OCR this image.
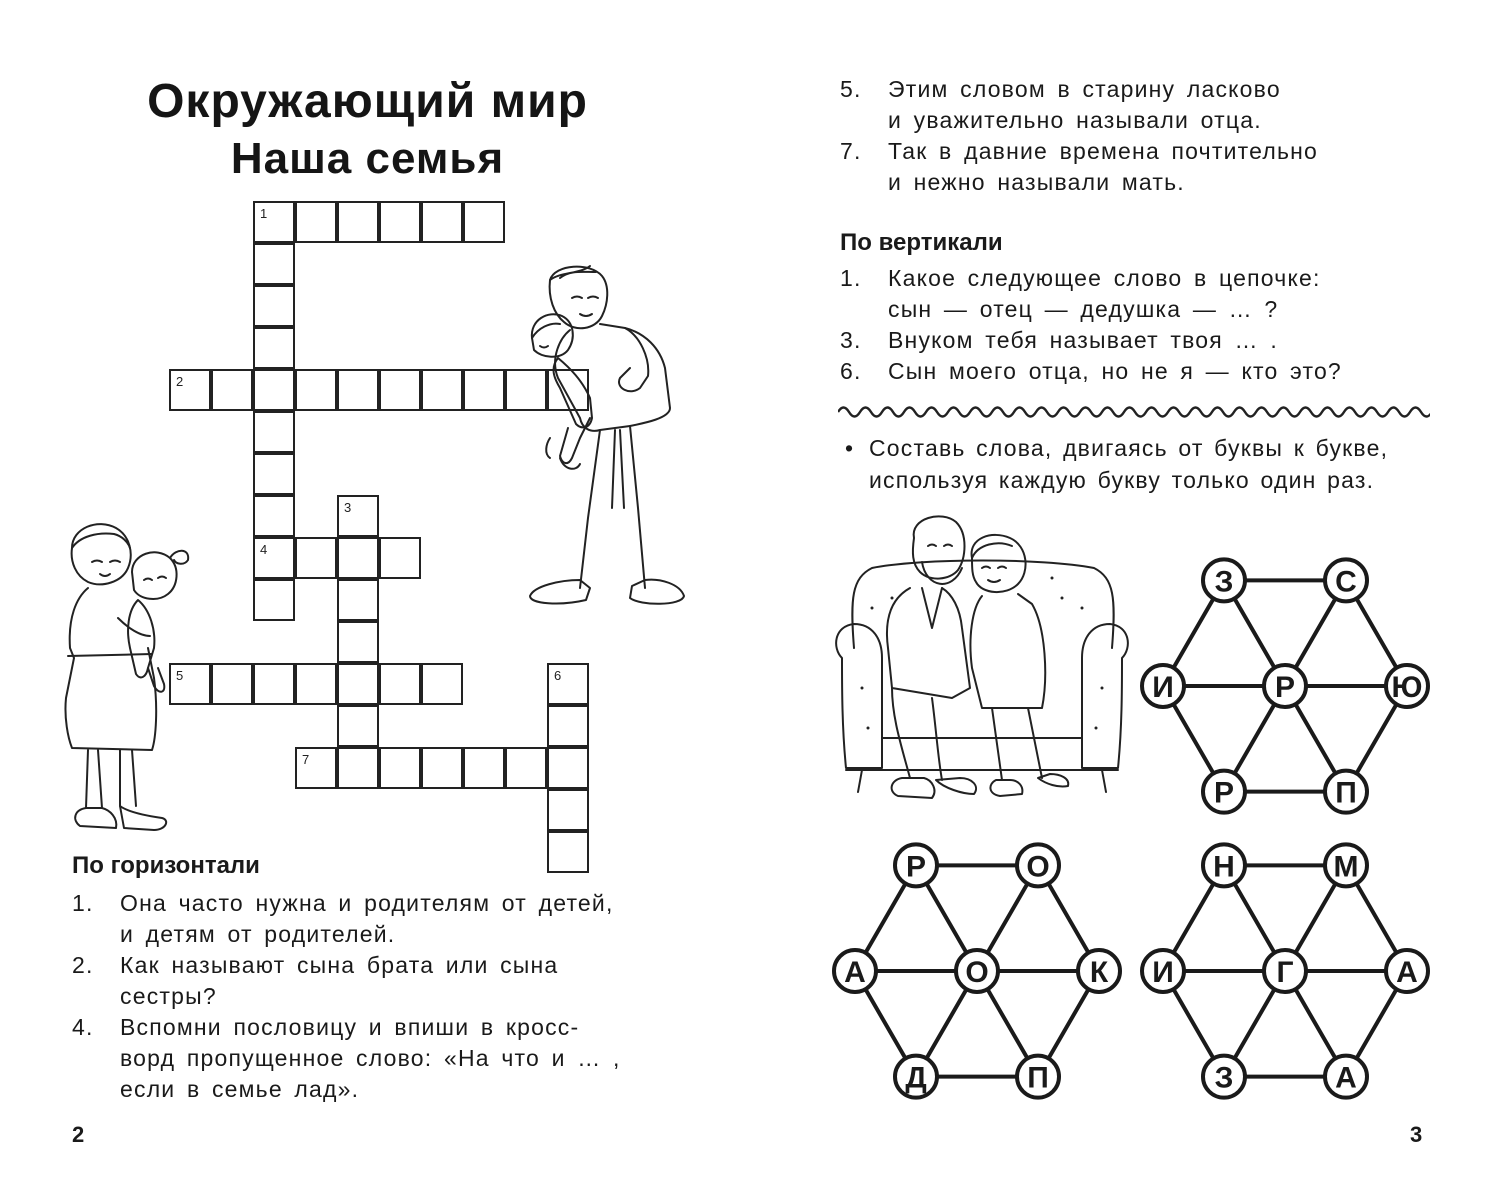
Окружающий мир
Наша семья
1
4
2
3
5	6
7
По горизонтали
1. Она часто нужна и родителям от детей,
и детям от родителей.
2. Как называют сына брата или сына
сестры?
4. Вспомни пословицу и впиши в кросс-
ворд пропущенное слово: «На что и … ,
если в семье лад».
2
5. Этим словом в старину ласково
и уважительно называли отца.
7. Так в давние времена почтительно
и нежно называли мать.
По вертикали
1. Какое следующее слово в цепочке:
сын — отец — дедушка — … ?
3. Внуком тебя называет твоя … .
6. Сын моего отца, но не я — кто это?
• Составь слова, двигаясь от буквы к букве,
используя каждую букву только один раз.
З	С
Ю
П
Р
И	Р
Р	О
К
П
Д
А	О
Н	М
А
А
З
И	Г
3
